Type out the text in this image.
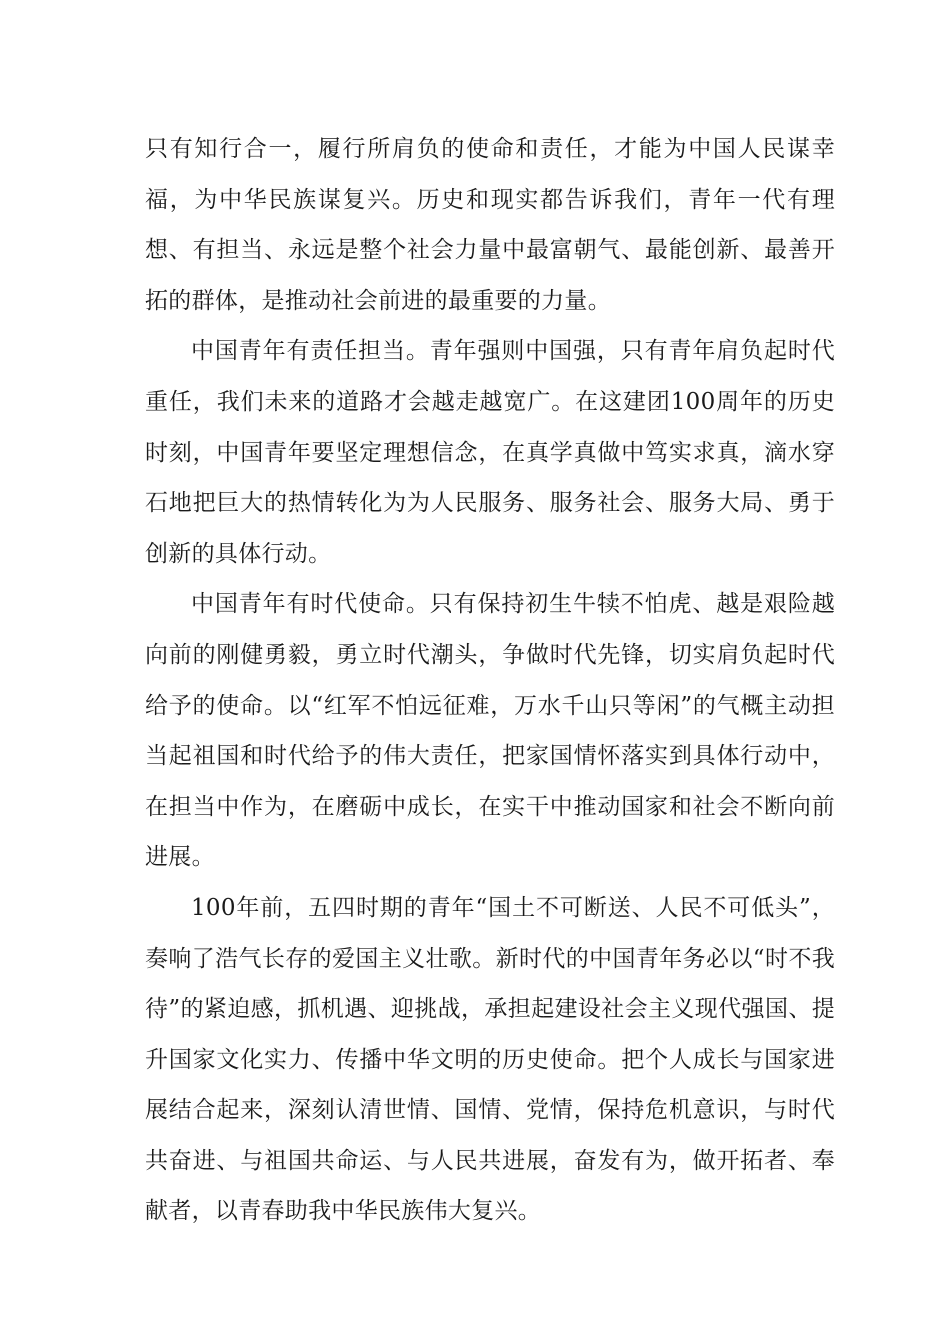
只有知行合一，履行所肩负的使命和责任，才能为中国人民谋幸福，为中华民族谋复兴。历史和现实都告诉我们，青年一代有理想、有担当、永远是整个社会力量中最富朝气、最能创新、最善开拓的群体，是推动社会前进的最重要的力量。

中国青年有责任担当。青年强则中国强，只有青年肩负起时代重任，我们未来的道路才会越走越宽广。在这建团100周年的历史时刻，中国青年要坚定理想信念，在真学真做中笃实求真，滴水穿石地把巨大的热情转化为为人民服务、服务社会、服务大局、勇于创新的具体行动。

中国青年有时代使命。只有保持初生牛犊不怕虎、越是艰险越向前的刚健勇毅，勇立时代潮头，争做时代先锋，切实肩负起时代给予的使命。以“红军不怕远征难，万水千山只等闲”的气概主动担当起祖国和时代给予的伟大责任，把家国情怀落实到具体行动中，在担当中作为，在磨砺中成长，在实干中推动国家和社会不断向前进展。

100年前，五四时期的青年“国土不可断送、人民不可低头”，奏响了浩气长存的爱国主义壮歌。新时代的中国青年务必以“时不我待”的紧迫感，抓机遇、迎挑战，承担起建设社会主义现代强国、提升国家文化实力、传播中华文明的历史使命。把个人成长与国家进展结合起来，深刻认清世情、国情、党情，保持危机意识，与时代共奋进、与祖国共命运、与人民共进展，奋发有为，做开拓者、奉献者，以青春助我中华民族伟大复兴。
